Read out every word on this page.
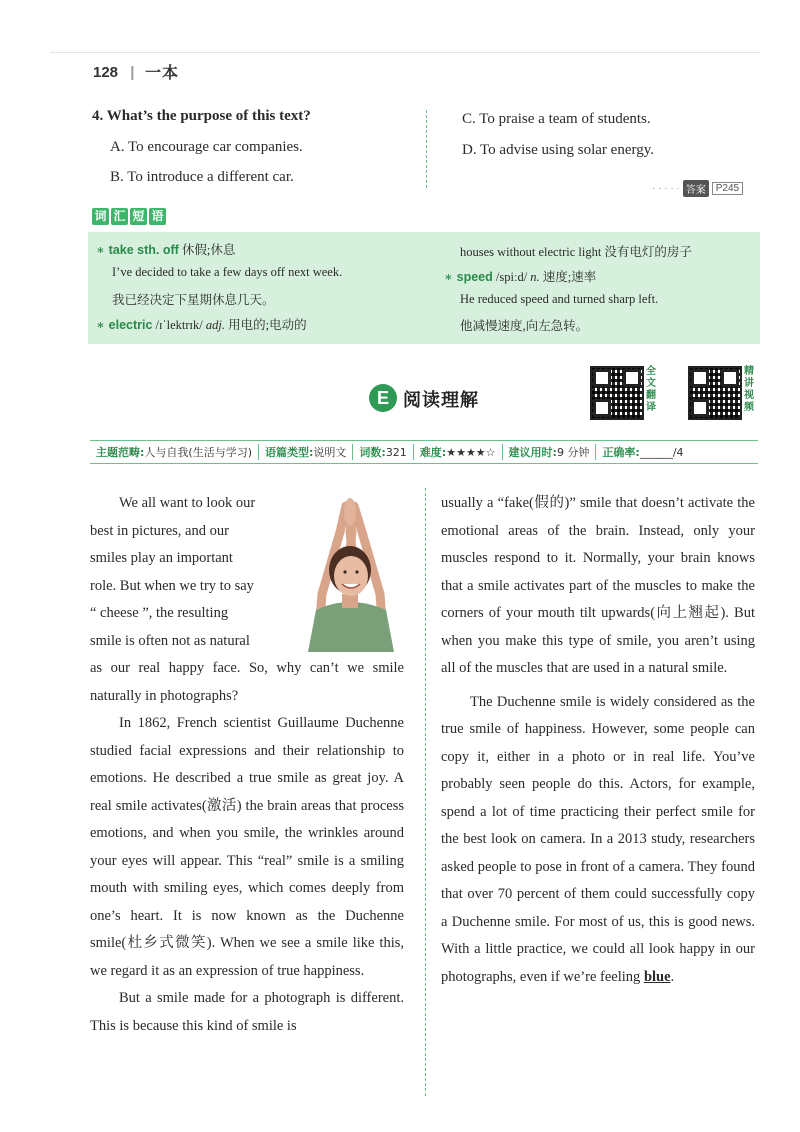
128 | 一本
4. What’s the purpose of this text?
A. To encourage car companies.
B. To introduce a different car.
C. To praise a team of students.
D. To advise using solar energy.
· · · · · 答案	P245
词 汇 短 语
∗ take sth. off 休假;休息
I’ve decided to take a few days off next week.
我已经决定下星期休息几天。
∗ electric /ɪˈlektrɪk/ adj. 用电的;电动的
houses without electric light 没有电灯的房子
∗ speed /spiːd/ n. 速度;速率
He reduced speed and turned sharp left.
他减慢速度,向左急转。
E 阅读理解
全
文
翻
译
精
讲
视
频
主题范畴:人与自我(生活与学习)	语篇类型:说明文	词数:321	难度:★★★★☆	建议用时:9 分钟	正确率:______/4
We all want to look our
best in pictures, and our
smiles play an important
role. But when we try to say
“ cheese ”, the resulting
smile is often not as natural

as our real happy face. So, why can’t we smile naturally in photographs?

In 1862, French scientist Guillaume Duchenne studied facial expressions and their relationship to emotions. He described a true smile as great joy. A real smile activates(激活) the brain areas that process emotions, and when you smile, the wrinkles around your eyes will appear. This “real” smile is a smiling mouth with smiling eyes, which comes deeply from one’s heart. It is now known as the Duchenne smile(杜乡式微笑). When we see a smile like this, we regard it as an expression of true happiness.

But a smile made for a photograph is different. This is because this kind of smile is

usually a “fake(假的)” smile that doesn’t activate the emotional areas of the brain. Instead, only your muscles respond to it. Normally, your brain knows that a smile activates part of the muscles to make the corners of your mouth tilt upwards(向上翘起). But when you make this type of smile, you aren’t using all of the muscles that are used in a natural smile.

The Duchenne smile is widely considered as the true smile of happiness. However, some people can copy it, either in a photo or in real life. You’ve probably seen people do this. Actors, for example, spend a lot of time practicing their perfect smile for the best look on camera. In a 2013 study, researchers asked people to pose in front of a camera. They found that over 70 percent of them could successfully copy a Duchenne smile. For most of us, this is good news. With a little practice, we could all look happy in our photographs, even if we’re feeling blue.
